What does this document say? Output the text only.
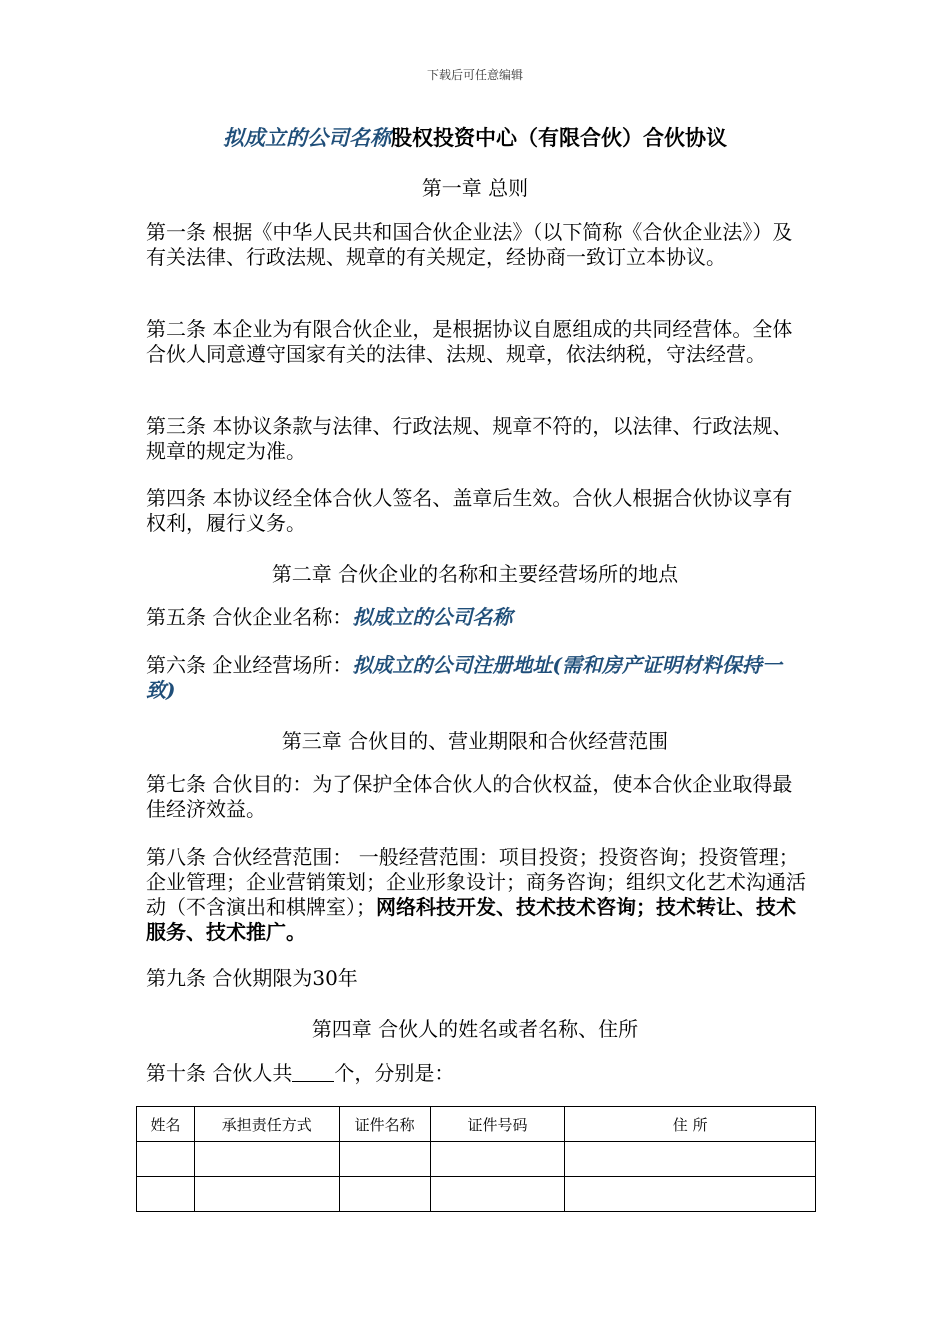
下载后可任意编辑
拟成立的公司名称股权投资中心（有限合伙）合伙协议
第一章 总则
第一条 根据《中华人民共和国合伙企业法》（以下简称《合伙企业法》）及有关法律、行政法规、规章的有关规定，经协商一致订立本协议。
第二条 本企业为有限合伙企业，是根据协议自愿组成的共同经营体。全体合伙人同意遵守国家有关的法律、法规、规章，依法纳税，守法经营。
第三条 本协议条款与法律、行政法规、规章不符的，以法律、行政法规、规章的规定为准。
第四条 本协议经全体合伙人签名、盖章后生效。合伙人根据合伙协议享有权利，履行义务。
第二章 合伙企业的名称和主要经营场所的地点
第五条 合伙企业名称：拟成立的公司名称
第六条 企业经营场所：拟成立的公司注册地址(需和房产证明材料保持一致)
第三章 合伙目的、营业期限和合伙经营范围
第七条 合伙目的：为了保护全体合伙人的合伙权益，使本合伙企业取得最佳经济效益。
第八条 合伙经营范围： 一般经营范围：项目投资；投资咨询；投资管理；企业管理；企业营销策划；企业形象设计；商务咨询；组织文化艺术沟通活动（不含演出和棋牌室）；网络科技开发、技术技术咨询；技术转让、技术服务、技术推广。
第九条 合伙期限为30年
第四章 合伙人的姓名或者名称、住所
第十条 合伙人共 个，分别是：
姓名	承担责任方式	证件名称	证件号码	住 所
